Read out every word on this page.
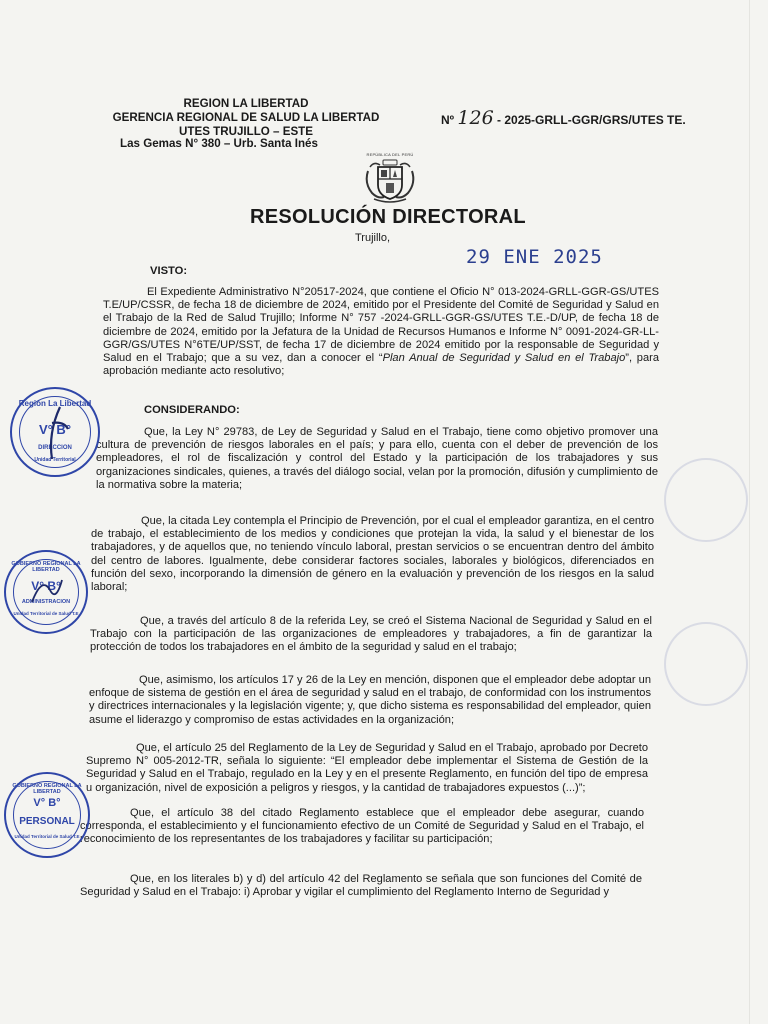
REGION LA LIBERTAD
GERENCIA REGIONAL DE SALUD LA LIBERTAD
UTES TRUJILLO – ESTE
Las Gemas N° 380 – Urb. Santa Inés
Nº 126 - 2025-GRLL-GGR/GRS/UTES TE.
REPÚBLICA DEL PERÚ
RESOLUCIÓN DIRECTORAL
Trujillo,
29 ENE 2025
VISTO:

El Expediente Administrativo N°20517-2024, que contiene el Oficio N° 013-2024-GRLL-GGR-GS/UTES T.E/UP/CSSR, de fecha 18 de diciembre de 2024, emitido por el Presidente del Comité de Seguridad y Salud en el Trabajo de la Red de Salud Trujillo; Informe N° 757 -2024-GRLL-GGR-GS/UTES T.E.-D/UP, de fecha 18 de diciembre de 2024, emitido por la Jefatura de la Unidad de Recursos Humanos e Informe N° 0091-2024-GR-LL-GGR/GS/UTES N°6TE/UP/SST, de fecha 17 de diciembre de 2024 emitido por la responsable de Seguridad y Salud en el Trabajo; que a su vez, dan a conocer el “Plan Anual de Seguridad y Salud en el Trabajo”, para aprobación mediante acto resolutivo;

CONSIDERANDO:

Que, la Ley N° 29783, de Ley de Seguridad y Salud en el Trabajo, tiene como objetivo promover una cultura de prevención de riesgos laborales en el país; y para ello, cuenta con el deber de prevención de los empleadores, el rol de fiscalización y control del Estado y la participación de los trabajadores y sus organizaciones sindicales, quienes, a través del diálogo social, velan por la promoción, difusión y cumplimiento de la normativa sobre la materia;

Que, la citada Ley contempla el Principio de Prevención, por el cual el empleador garantiza, en el centro de trabajo, el establecimiento de los medios y condiciones que protejan la vida, la salud y el bienestar de los trabajadores, y de aquellos que, no teniendo vínculo laboral, prestan servicios o se encuentran dentro del ámbito del centro de labores. Igualmente, debe considerar factores sociales, laborales y biológicos, diferenciados en función del sexo, incorporando la dimensión de género en la evaluación y prevención de los riesgos en la salud laboral;

Que, a través del artículo 8 de la referida Ley, se creó el Sistema Nacional de Seguridad y Salud en el Trabajo con la participación de las organizaciones de empleadores y trabajadores, a fin de garantizar la protección de todos los trabajadores en el ámbito de la seguridad y salud en el trabajo;

Que, asimismo, los artículos 17 y 26 de la Ley en mención, disponen que el empleador debe adoptar un enfoque de sistema de gestión en el área de seguridad y salud en el trabajo, de conformidad con los instrumentos y directrices internacionales y la legislación vigente; y, que dicho sistema es responsabilidad del empleador, quien asume el liderazgo y compromiso de estas actividades en la organización;

Que, el artículo 25 del Reglamento de la Ley de Seguridad y Salud en el Trabajo, aprobado por Decreto Supremo N° 005-2012-TR, señala lo siguiente: “El empleador debe implementar el Sistema de Gestión de la Seguridad y Salud en el Trabajo, regulado en la Ley y en el presente Reglamento, en función del tipo de empresa u organización, nivel de exposición a peligros y riesgos, y la cantidad de trabajadores expuestos (...)”;

Que, el artículo 38 del citado Reglamento establece que el empleador debe asegurar, cuando corresponda, el establecimiento y el funcionamiento efectivo de un Comité de Seguridad y Salud en el Trabajo, el reconocimiento de los representantes de los trabajadores y facilitar su participación;

Que, en los literales b) y d) del artículo 42 del Reglamento se señala que son funciones del Comité de Seguridad y Salud en el Trabajo: i) Aprobar y vigilar el cumplimiento del Reglamento Interno de Seguridad y

Región La Libertad
V° B°
DIRECCION
Unidad Territorial
GOBIERNO REGIONAL LA LIBERTAD
V° B°
ADMINISTRACION
Unidad Territorial de Salud T.E
GOBIERNO REGIONAL LA LIBERTAD
V° B°
PERSONAL
Unidad Territorial de Salud T.E
